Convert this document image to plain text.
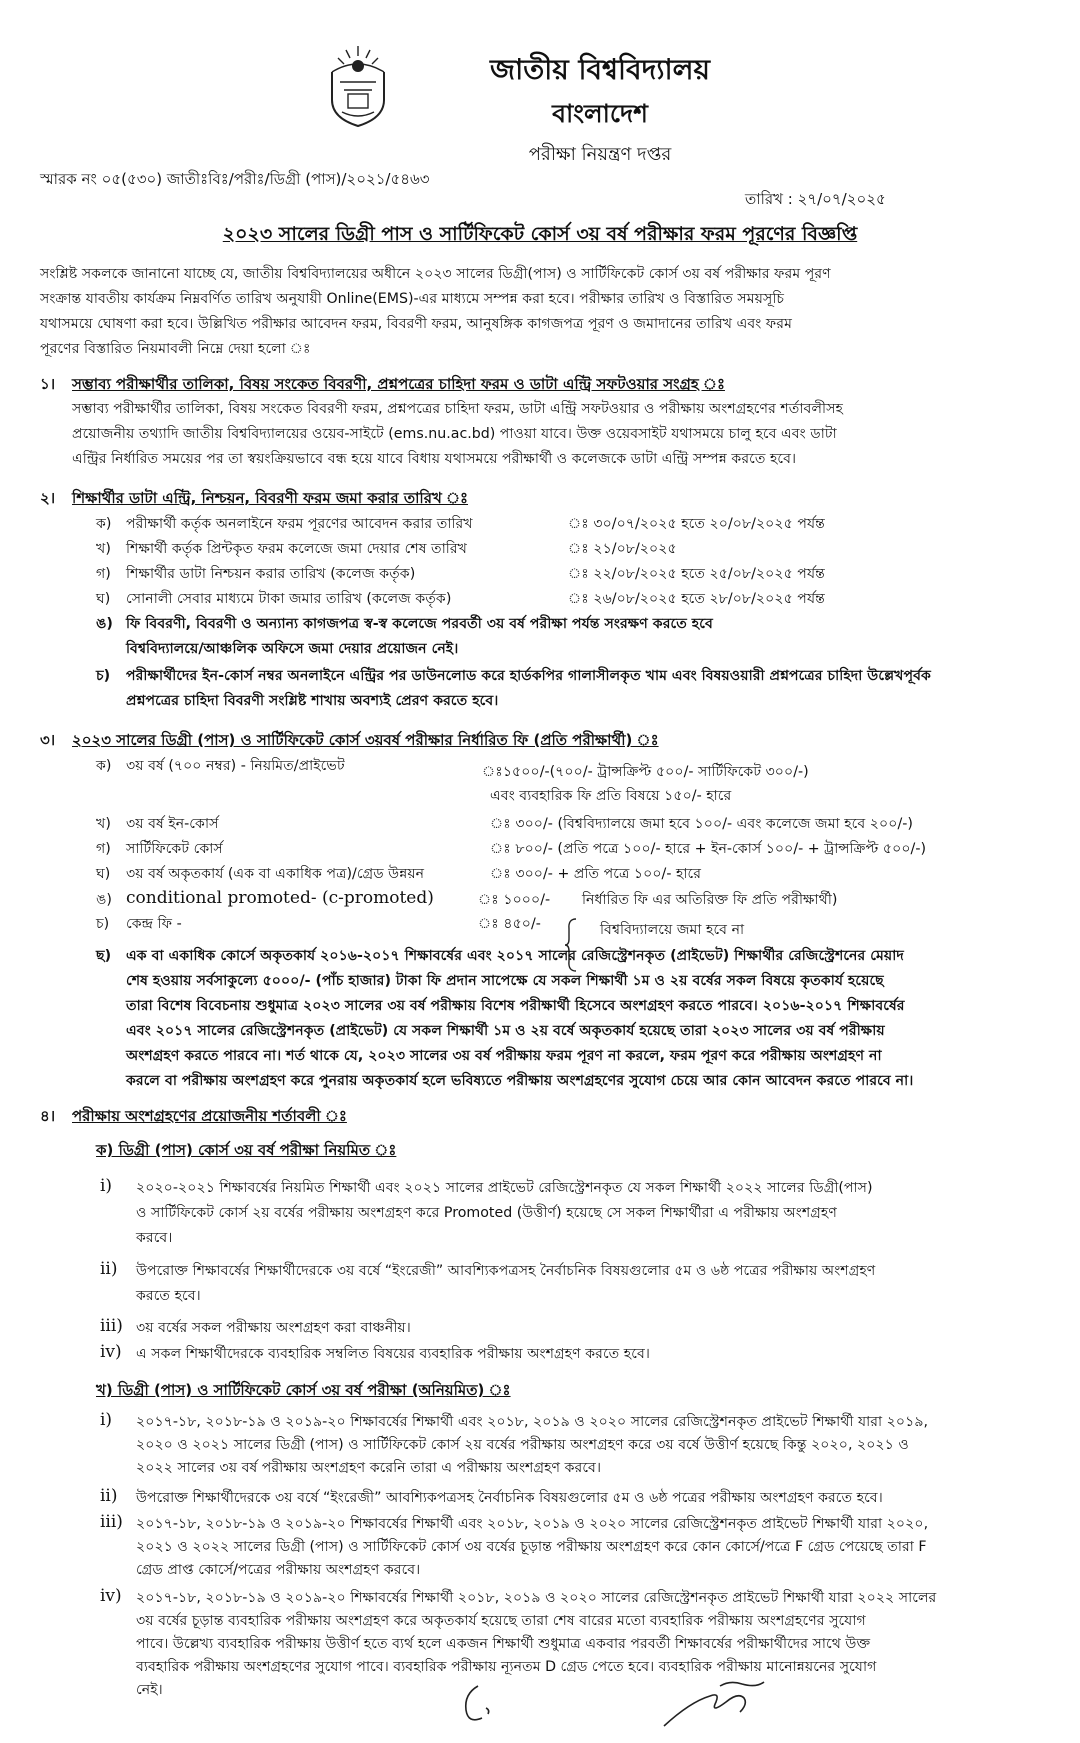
জাতীয় বিশ্ববিদ্যালয়
বাংলাদেশ
পরীক্ষা নিয়ন্ত্রণ দপ্তর
স্মারক নং ০৫(৫৩০) জাতীঃবিঃ/পরীঃ/ডিগ্রী (পাস)/২০২১/৫৪৬৩
তারিখ : ২৭/০৭/২০২৫
২০২৩ সালের ডিগ্রী পাস ও সার্টিফিকেট কোর্স ৩য় বর্ষ পরীক্ষার ফরম পূরণের বিজ্ঞপ্তি
সংশ্লিষ্ট সকলকে জানানো যাচ্ছে যে, জাতীয় বিশ্ববিদ্যালয়ের অধীনে ২০২৩ সালের ডিগ্রী(পাস) ও সার্টিফিকেট কোর্স ৩য় বর্ষ পরীক্ষার ফরম পূরণ
সংক্রান্ত যাবতীয় কার্যক্রম নিম্নবর্ণিত তারিখ অনুযায়ী Online(EMS)-এর মাধ্যমে সম্পন্ন করা হবে। পরীক্ষার তারিখ ও বিস্তারিত সময়সূচি
যথাসময়ে ঘোষণা করা হবে। উল্লিখিত পরীক্ষার আবেদন ফরম, বিবরণী ফরম, আনুষঙ্গিক কাগজপত্র পূরণ ও জমাদানের তারিখ এবং ফরম
পূরণের বিস্তারিত নিয়মাবলী নিম্নে দেয়া হলো ঃ
১। সম্ভাব্য পরীক্ষার্থীর তালিকা, বিষয় সংকেত বিবরণী, প্রশ্নপত্রের চাহিদা ফরম ও ডাটা এন্ট্রি সফটওয়ার সংগ্রহ ঃ
সম্ভাব্য পরীক্ষার্থীর তালিকা, বিষয় সংকেত বিবরণী ফরম, প্রশ্নপত্রের চাহিদা ফরম, ডাটা এন্ট্রি সফটওয়ার ও পরীক্ষায় অংশগ্রহণের শর্তাবলীসহ
প্রয়োজনীয় তথ্যাদি জাতীয় বিশ্ববিদ্যালয়ের ওয়েব-সাইটে (ems.nu.ac.bd) পাওয়া যাবে। উক্ত ওয়েবসাইট যথাসময়ে চালু হবে এবং ডাটা
এন্ট্রির নির্ধারিত সময়ের পর তা স্বয়ংক্রিয়ভাবে বন্ধ হয়ে যাবে বিধায় যথাসময়ে পরীক্ষার্থী ও কলেজকে ডাটা এন্ট্রি সম্পন্ন করতে হবে।
২। শিক্ষার্থীর ডাটা এন্ট্রি, নিশ্চয়ন, বিবরণী ফরম জমা করার তারিখ ঃ
ক) পরীক্ষার্থী কর্তৃক অনলাইনে ফরম পূরণের আবেদন করার তারিখ	ঃ ৩০/০৭/২০২৫ হতে ২০/০৮/২০২৫ পর্যন্ত
খ) শিক্ষার্থী কর্তৃক প্রিন্টকৃত ফরম কলেজে জমা দেয়ার শেষ তারিখ	ঃ ২১/০৮/২০২৫
গ) শিক্ষার্থীর ডাটা নিশ্চয়ন করার তারিখ (কলেজ কর্তৃক)	ঃ ২২/০৮/২০২৫ হতে ২৫/০৮/২০২৫ পর্যন্ত
ঘ) সোনালী সেবার মাধ্যমে টাকা জমার তারিখ (কলেজ কর্তৃক)	ঃ ২৬/০৮/২০২৫ হতে ২৮/০৮/২০২৫ পর্যন্ত
ঙ) ফি বিবরণী, বিবরণী ও অন্যান্য কাগজপত্র স্ব-স্ব কলেজে পরবর্তী ৩য় বর্ষ পরীক্ষা পর্যন্ত সংরক্ষণ করতে হবে
বিশ্ববিদ্যালয়ে/আঞ্চলিক অফিসে জমা দেয়ার প্রয়োজন নেই।
চ) পরীক্ষার্থীদের ইন-কোর্স নম্বর অনলাইনে এন্ট্রির পর ডাউনলোড করে হার্ডকপির গালাসীলকৃত খাম এবং বিষয়ওয়ারী প্রশ্নপত্রের চাহিদা উল্লেখপূর্বক
প্রশ্নপত্রের চাহিদা বিবরণী সংশ্লিষ্ট শাখায় অবশ্যই প্রেরণ করতে হবে।
৩। ২০২৩ সালের ডিগ্রী (পাস) ও সার্টিফিকেট কোর্স ৩য়বর্ষ পরীক্ষার নির্ধারিত ফি (প্রতি পরীক্ষার্থী) ঃ
ক) ৩য় বর্ষ (৭০০ নম্বর) - নিয়মিত/প্রাইভেট	ঃ১৫০০/-(৭০০/- ট্রান্সক্রিপ্ট ৫০০/- সার্টিফিকেট ৩০০/-)
এবং ব্যবহারিক ফি প্রতি বিষয়ে ১৫০/- হারে
খ) ৩য় বর্ষ ইন-কোর্স	ঃ ৩০০/- (বিশ্ববিদ্যালয়ে জমা হবে ১০০/- এবং কলেজে জমা হবে ২০০/-)
গ) সার্টিফিকেট কোর্স	ঃ ৮০০/- (প্রতি পত্রে ১০০/- হারে + ইন-কোর্স ১০০/- + ট্রান্সক্রিপ্ট ৫০০/-)
ঘ) ৩য় বর্ষ অকৃতকার্য (এক বা একাধিক পত্র)/গ্রেড উন্নয়ন	ঃ ৩০০/- + প্রতি পত্রে ১০০/- হারে
ঙ) conditional promoted- (c-promoted)	ঃ ১০০০/-
চ) কেন্দ্র ফি -	ঃ ৪৫০/-
নির্ধারিত ফি এর অতিরিক্ত ফি প্রতি পরীক্ষার্থী)
বিশ্ববিদ্যালয়ে জমা হবে না
ছ) এক বা একাধিক কোর্সে অকৃতকার্য ২০১৬-২০১৭ শিক্ষাবর্ষের এবং ২০১৭ সালের রেজিস্ট্রেশনকৃত (প্রাইভেট) শিক্ষার্থীর রেজিস্ট্রেশনের মেয়াদ
শেষ হওয়ায় সর্বসাকুল্যে ৫০০০/- (পাঁচ হাজার) টাকা ফি প্রদান সাপেক্ষে যে সকল শিক্ষার্থী ১ম ও ২য় বর্ষের সকল বিষয়ে কৃতকার্য হয়েছে
তারা বিশেষ বিবেচনায় শুধুমাত্র ২০২৩ সালের ৩য় বর্ষ পরীক্ষায় বিশেষ পরীক্ষার্থী হিসেবে অংশগ্রহণ করতে পারবে। ২০১৬-২০১৭ শিক্ষাবর্ষের
এবং ২০১৭ সালের রেজিস্ট্রেশনকৃত (প্রাইভেট) যে সকল শিক্ষার্থী ১ম ও ২য় বর্ষে অকৃতকার্য হয়েছে তারা ২০২৩ সালের ৩য় বর্ষ পরীক্ষায়
অংশগ্রহণ করতে পারবে না। শর্ত থাকে যে, ২০২৩ সালের ৩য় বর্ষ পরীক্ষায় ফরম পূরণ না করলে, ফরম পূরণ করে পরীক্ষায় অংশগ্রহণ না
করলে বা পরীক্ষায় অংশগ্রহণ করে পুনরায় অকৃতকার্য হলে ভবিষ্যতে পরীক্ষায় অংশগ্রহণের সুযোগ চেয়ে আর কোন আবেদন করতে পারবে না।
৪। পরীক্ষায় অংশগ্রহণের প্রয়োজনীয় শর্তাবলী ঃ
ক) ডিগ্রী (পাস) কোর্স ৩য় বর্ষ পরীক্ষা নিয়মিত ঃ
i) ২০২০-২০২১ শিক্ষাবর্ষের নিয়মিত শিক্ষার্থী এবং ২০২১ সালের প্রাইভেট রেজিস্ট্রেশনকৃত যে সকল শিক্ষার্থী ২০২২ সালের ডিগ্রী(পাস)
ও সার্টিফিকেট কোর্স ২য় বর্ষের পরীক্ষায় অংশগ্রহণ করে Promoted (উত্তীর্ণ) হয়েছে সে সকল শিক্ষার্থীরা এ পরীক্ষায় অংশগ্রহণ
করবে।
ii) উপরোক্ত শিক্ষাবর্ষের শিক্ষার্থীদেরকে ৩য় বর্ষে “ইংরেজী” আবশ্যিকপত্রসহ নৈর্বাচনিক বিষয়গুলোর ৫ম ও ৬ষ্ঠ পত্রের পরীক্ষায় অংশগ্রহণ
করতে হবে।
iii) ৩য় বর্ষের সকল পরীক্ষায় অংশগ্রহণ করা বাঞ্চনীয়।
iv) এ সকল শিক্ষার্থীদেরকে ব্যবহারিক সম্বলিত বিষয়ের ব্যবহারিক পরীক্ষায় অংশগ্রহণ করতে হবে।
খ) ডিগ্রী (পাস) ও সার্টিফিকেট কোর্স ৩য় বর্ষ পরীক্ষা (অনিয়মিত) ঃ
i) ২০১৭-১৮, ২০১৮-১৯ ও ২০১৯-২০ শিক্ষাবর্ষের শিক্ষার্থী এবং ২০১৮, ২০১৯ ও ২০২০ সালের রেজিস্ট্রেশনকৃত প্রাইভেট শিক্ষার্থী যারা ২০১৯,
২০২০ ও ২০২১ সালের ডিগ্রী (পাস) ও সার্টিফিকেট কোর্স ২য় বর্ষের পরীক্ষায় অংশগ্রহণ করে ৩য় বর্ষে উত্তীর্ণ হয়েছে কিন্তু ২০২০, ২০২১ ও
২০২২ সালের ৩য় বর্ষ পরীক্ষায় অংশগ্রহণ করেনি তারা এ পরীক্ষায় অংশগ্রহণ করবে।
ii) উপরোক্ত শিক্ষার্থীদেরকে ৩য় বর্ষে “ইংরেজী” আবশ্যিকপত্রসহ নৈর্বাচনিক বিষয়গুলোর ৫ম ও ৬ষ্ঠ পত্রের পরীক্ষায় অংশগ্রহণ করতে হবে।
iii) ২০১৭-১৮, ২০১৮-১৯ ও ২০১৯-২০ শিক্ষাবর্ষের শিক্ষার্থী এবং ২০১৮, ২০১৯ ও ২০২০ সালের রেজিস্ট্রেশনকৃত প্রাইভেট শিক্ষার্থী যারা ২০২০,
২০২১ ও ২০২২ সালের ডিগ্রী (পাস) ও সার্টিফিকেট কোর্স ৩য় বর্ষের চূড়ান্ত পরীক্ষায় অংশগ্রহণ করে কোন কোর্সে/পত্রে F গ্রেড পেয়েছে তারা F
গ্রেড প্রাপ্ত কোর্সে/পত্রের পরীক্ষায় অংশগ্রহণ করবে।
iv) ২০১৭-১৮, ২০১৮-১৯ ও ২০১৯-২০ শিক্ষাবর্ষের শিক্ষার্থী ২০১৮, ২০১৯ ও ২০২০ সালের রেজিস্ট্রেশনকৃত প্রাইভেট শিক্ষার্থী যারা ২০২২ সালের
৩য় বর্ষের চূড়ান্ত ব্যবহারিক পরীক্ষায় অংশগ্রহণ করে অকৃতকার্য হয়েছে তারা শেষ বারের মতো ব্যবহারিক পরীক্ষায় অংশগ্রহণের সুযোগ
পাবে। উল্লেখ্য ব্যবহারিক পরীক্ষায় উত্তীর্ণ হতে ব্যর্থ হলে একজন শিক্ষার্থী শুধুমাত্র একবার পরবর্তী শিক্ষাবর্ষের পরীক্ষার্থীদের সাথে উক্ত
ব্যবহারিক পরীক্ষায় অংশগ্রহণের সুযোগ পাবে। ব্যবহারিক পরীক্ষায় ন্যূনতম D গ্রেড পেতে হবে। ব্যবহারিক পরীক্ষায় মানোন্নয়নের সুযোগ
নেই।
